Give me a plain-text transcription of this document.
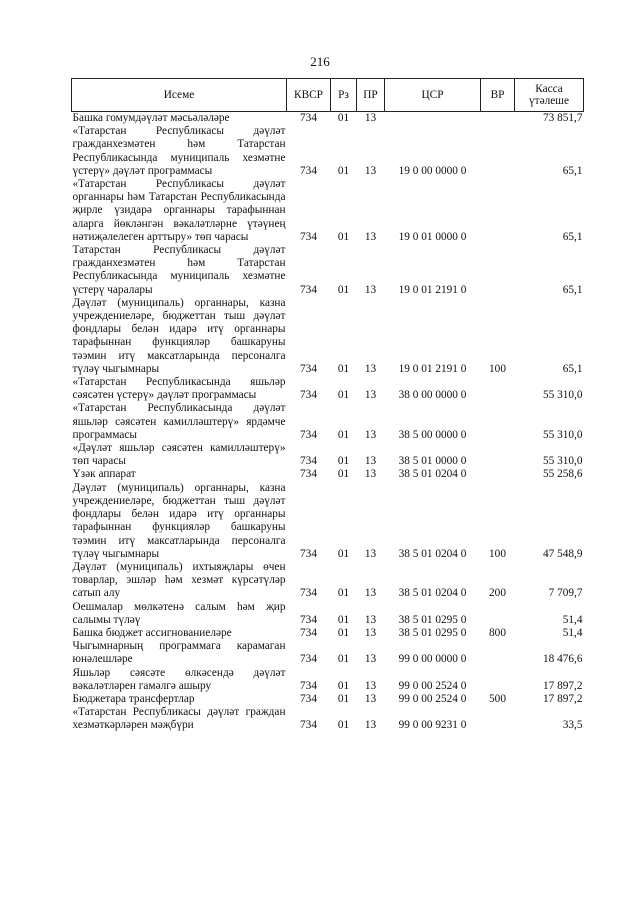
216
Исеме	КВСР	Рз	ПР	ЦСР	ВР	Касса үтәлеше
Башка гомумдәүләт мәсьәләләре	734	01	13			73 851,7
«Татарстан Республикасы дәүләт гражданхезмәтен һәм Татарстан Республикасында муниципаль хезмәтне үстерү» дәүләт программасы	734	01	13	19 0 00 0000 0		65,1
«Татарстан Республикасы дәүләт органнары һәм Татарстан Республикасында җирле үзидарә органнары тарафыннан аларга йөкләнгән вәкаләтләрне үтәүнең нәтиҗәлелеген арттыру» төп чарасы	734	01	13	19 0 01 0000 0		65,1
Татарстан Республикасы дәүләт гражданхезмәтен һәм Татарстан Республикасында муниципаль хезмәтне үстерү чаралары	734	01	13	19 0 01 2191 0		65,1
Дәүләт (муниципаль) органнары, казна учреждениеләре, бюджеттан тыш дәүләт фондлары белән идарә итү органнары тарафыннан функцияләр башкаруны тәэмин итү максатларында персоналга түләү чыгымнары	734	01	13	19 0 01 2191 0	100	65,1
«Татарстан Республикасында яшьләр сәясәтен үстерү» дәүләт программасы	734	01	13	38 0 00 0000 0		55 310,0
«Татарстан Республикасында дәүләт яшьләр сәясәтен камилләштерү» ярдәмче программасы	734	01	13	38 5 00 0000 0		55 310,0
«Дәүләт яшьләр сәясәтен камилләштерү» төп чарасы	734	01	13	38 5 01 0000 0		55 310,0
Үзәк аппарат	734	01	13	38 5 01 0204 0		55 258,6
Дәүләт (муниципаль) органнары, казна учреждениеләре, бюджеттан тыш дәүләт фондлары белән идарә итү органнары тарафыннан функцияләр башкаруны тәэмин итү максатларында персоналга түләү чыгымнары	734	01	13	38 5 01 0204 0	100	47 548,9
Дәүләт (муниципаль) ихтыяҗлары өчен товарлар, эшләр һәм хезмәт күрсәтүләр сатып алу	734	01	13	38 5 01 0204 0	200	7 709,7
Оешмалар мөлкәтенә салым һәм җир салымы түләү	734	01	13	38 5 01 0295 0		51,4
Башка бюджет ассигнованиеләре	734	01	13	38 5 01 0295 0	800	51,4
Чыгымнарның программага карамаган юнәлешләре	734	01	13	99 0 00 0000 0		18 476,6
Яшьләр сәясәте өлкәсендә дәүләт вәкаләтләрен гамәлгә ашыру	734	01	13	99 0 00 2524 0		17 897,2
Бюджетара трансфертлар	734	01	13	99 0 00 2524 0	500	17 897,2
«Татарстан Республикасы дәүләт граждан хезмәткәрләрен мәҗбүри	734	01	13	99 0 00 9231 0		33,5
